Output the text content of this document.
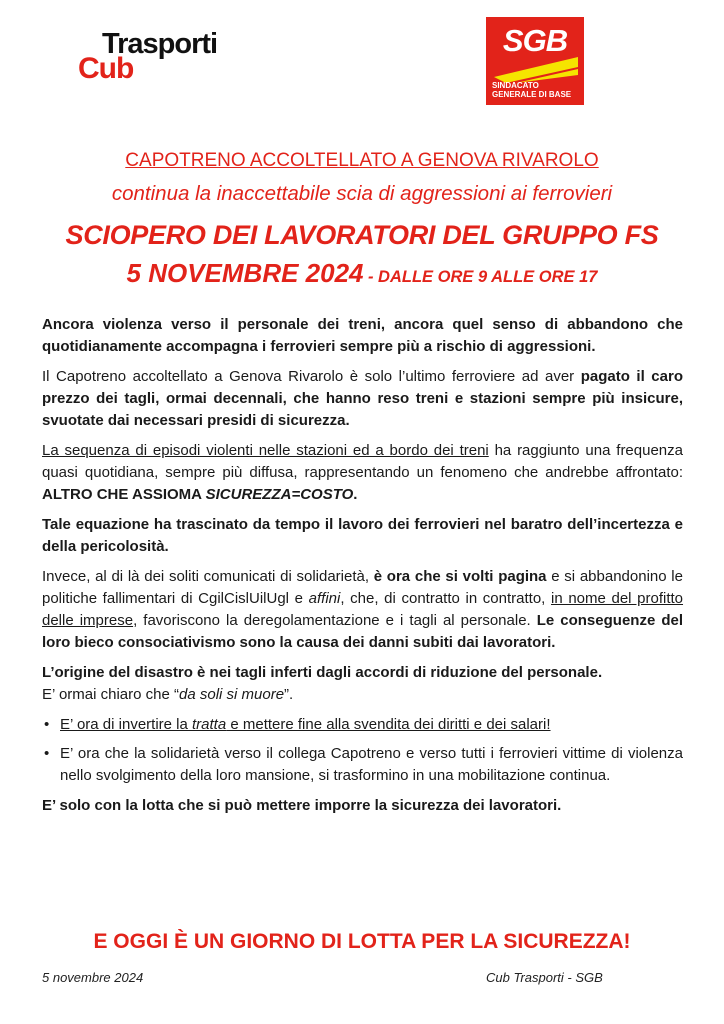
Trasporti
Cub
SGB
SINDACATO
GENERALE DI BASE
CAPOTRENO ACCOLTELLATO A GENOVA RIVAROLO
continua la inaccettabile scia di aggressioni ai ferrovieri
SCIOPERO DEI LAVORATORI DEL GRUPPO FS
5 NOVEMBRE 2024 - DALLE ORE 9 ALLE ORE 17

Ancora violenza verso il personale dei treni, ancora quel senso di abbandono che quotidianamente accompagna i ferrovieri sempre più a rischio di aggressioni.

Il Capotreno accoltellato a Genova Rivarolo è solo l’ultimo ferroviere ad aver pagato il caro prezzo dei tagli, ormai decennali, che hanno reso treni e stazioni sempre più insicure, svuotate dai necessari presidi di sicurezza.

La sequenza di episodi violenti nelle stazioni ed a bordo dei treni ha raggiunto una frequenza quasi quotidiana, sempre più diffusa, rappresentando un fenomeno che andrebbe affrontato: ALTRO CHE ASSIOMA SICUREZZA=COSTO.

Tale equazione ha trascinato da tempo il lavoro dei ferrovieri nel baratro dell’incertezza e della pericolosità.

Invece, al di là dei soliti comunicati di solidarietà, è ora che si volti pagina e si abbandonino le politiche fallimentari di CgilCislUilUgl e affini, che, di contratto in contratto, in nome del profitto delle imprese, favoriscono la deregolamentazione e i tagli al personale. Le conseguenze del loro bieco consociativismo sono la causa dei danni subiti dai lavoratori.

L’origine del disastro è nei tagli inferti dagli accordi di riduzione del personale.
E’ ormai chiaro che “da soli si muore”.

• E’ ora di invertire la tratta e mettere fine alla svendita dei diritti e dei salari!
• E’ ora che la solidarietà verso il collega Capotreno e verso tutti i ferrovieri vittime di violenza nello svolgimento della loro mansione, si trasformino in una mobilitazione continua.

E’ solo con la lotta che si può mettere imporre la sicurezza dei lavoratori.

E OGGI È UN GIORNO DI LOTTA PER LA SICUREZZA!
5 novembre 2024	Cub Trasporti - SGB
